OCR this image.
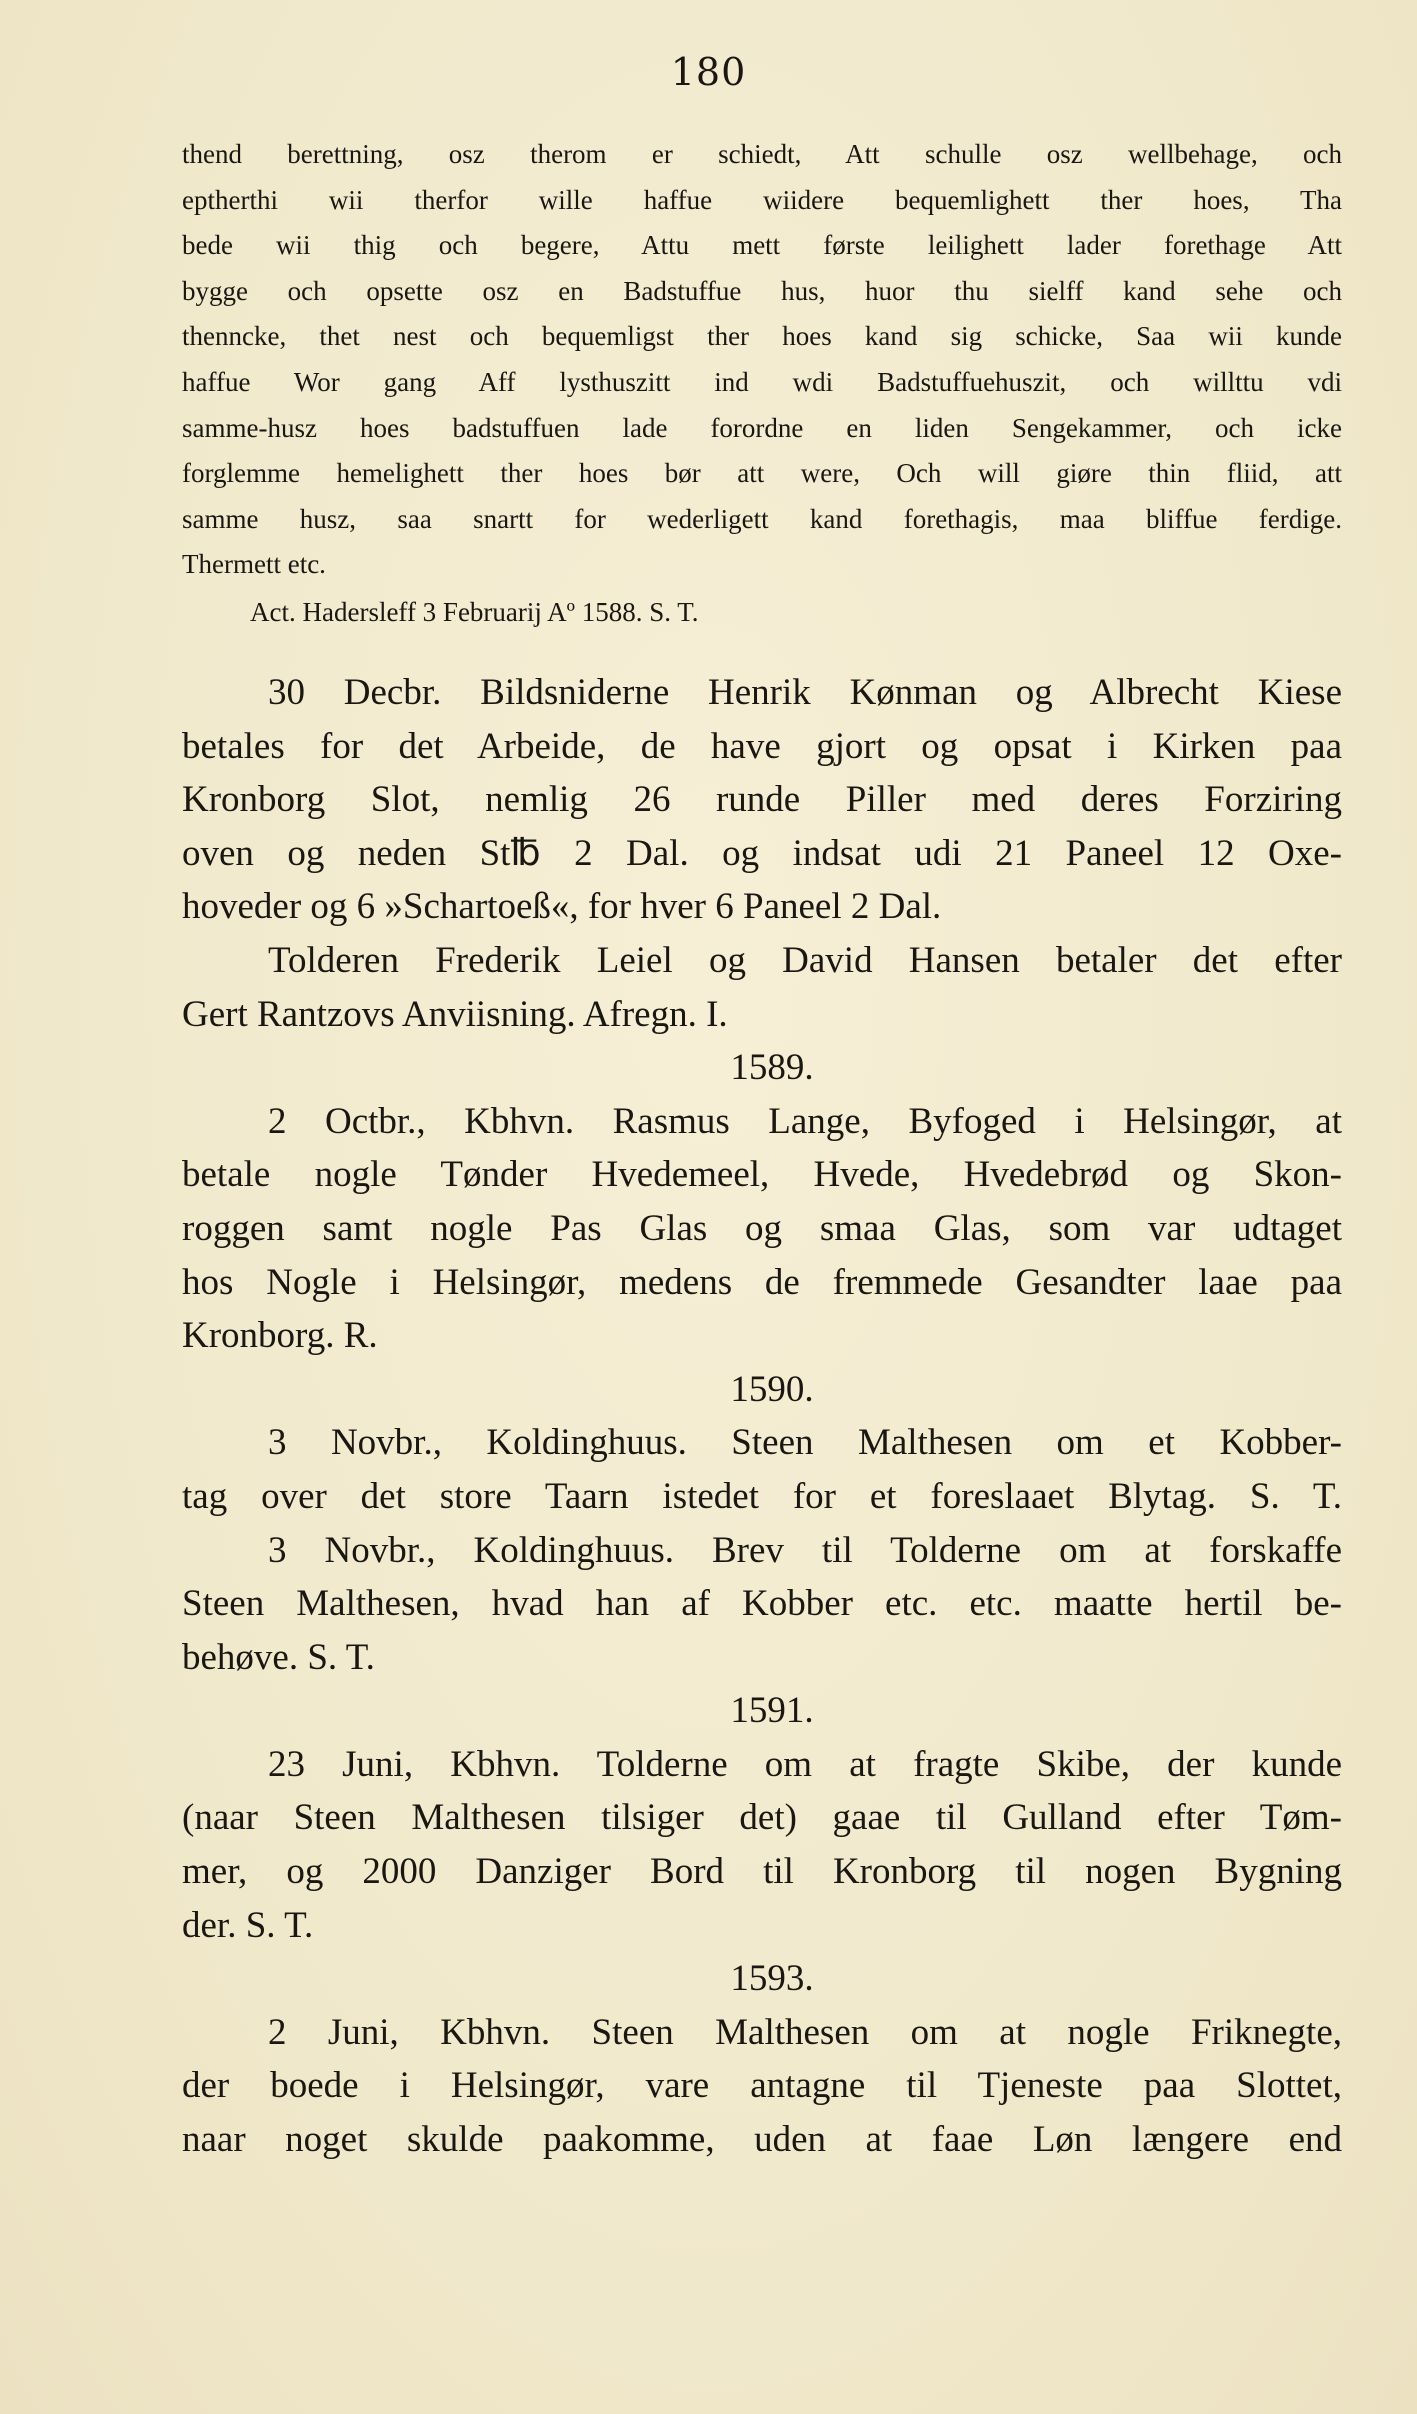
180
thend berettning, osz therom er schiedt, Att schulle osz wellbehage, och
eptherthi wii therfor wille haffue wiidere bequemlighett ther hoes, Tha
bede wii thig och begere, Attu mett første leilighett lader forethage Att
bygge och opsette osz en Badstuffue hus, huor thu sielff kand sehe och
thenncke, thet nest och bequemligst ther hoes kand sig schicke, Saa wii kunde
haffue Wor gang Aff lysthuszitt ind wdi Badstuffuehuszit, och willttu vdi
samme-husz hoes badstuffuen lade forordne en liden Sengekammer, och icke
forglemme hemelighett ther hoes bør att were, Och will giøre thin fliid, att
samme husz, saa snartt for wederligett kand forethagis, maa bliffue ferdige.
Thermett etc.
Act. Hadersleff 3 Februarij Aº 1588. S. T.
30 Decbr. Bildsniderne Henrik Kønman og Albrecht Kiese
betales for det Arbeide, de have gjort og opsat i Kirken paa
Kronborg Slot, nemlig 26 runde Piller med deres Forziring
oven og neden St℔ 2 Dal. og indsat udi 21 Paneel 12 Oxe-
hoveder og 6 »Schartoeß«, for hver 6 Paneel 2 Dal.
Tolderen Frederik Leiel og David Hansen betaler det efter
Gert Rantzovs Anviisning. Afregn. I.
1589.
2 Octbr., Kbhvn. Rasmus Lange, Byfoged i Helsingør, at
betale nogle Tønder Hvedemeel, Hvede, Hvedebrød og Skon-
roggen samt nogle Pas Glas og smaa Glas, som var udtaget
hos Nogle i Helsingør, medens de fremmede Gesandter laae paa
Kronborg. R.
1590.
3 Novbr., Koldinghuus. Steen Malthesen om et Kobber-
tag over det store Taarn istedet for et foreslaaet Blytag. S. T.
3 Novbr., Koldinghuus. Brev til Tolderne om at forskaffe
Steen Malthesen, hvad han af Kobber etc. etc. maatte hertil be-
behøve. S. T.
1591.
23 Juni, Kbhvn. Tolderne om at fragte Skibe, der kunde
(naar Steen Malthesen tilsiger det) gaae til Gulland efter Tøm-
mer, og 2000 Danziger Bord til Kronborg til nogen Bygning
der. S. T.
1593.
2 Juni, Kbhvn. Steen Malthesen om at nogle Friknegte,
der boede i Helsingør, vare antagne til Tjeneste paa Slottet,
naar noget skulde paakomme, uden at faae Løn længere end
